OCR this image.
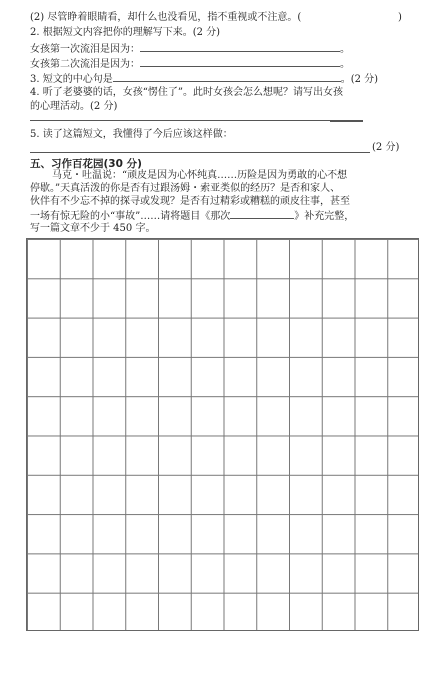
(2) 尽管睁着眼睛看，却什么也没看见，指不重视或不注意。(	)
2. 根据短文内容把你的理解写下来。(2 分)
女孩第一次流泪是因为：	。
女孩第二次流泪是因为：	。
3. 短文的中心句是	。(2 分)
4. 听了老婆婆的话，女孩“愣住了”。此时女孩会怎么想呢？请写出女孩
的心理活动。(2 分)
5. 读了这篇短文，我懂得了今后应该这样做：
(2 分)
五、习作百花园(30 分)
马克・吐温说：“顽皮是因为心怀纯真……历险是因为勇敢的心不想
停歇。”天真活泼的你是否有过跟汤姆・索亚类似的经历？是否和家人、
伙伴有不少忘不掉的探寻或发现？是否有过精彩或糟糕的顽皮往事，甚至
一场有惊无险的小“事故”……请将题目《那次	》补充完整，
写一篇文章不少于 450 字。
